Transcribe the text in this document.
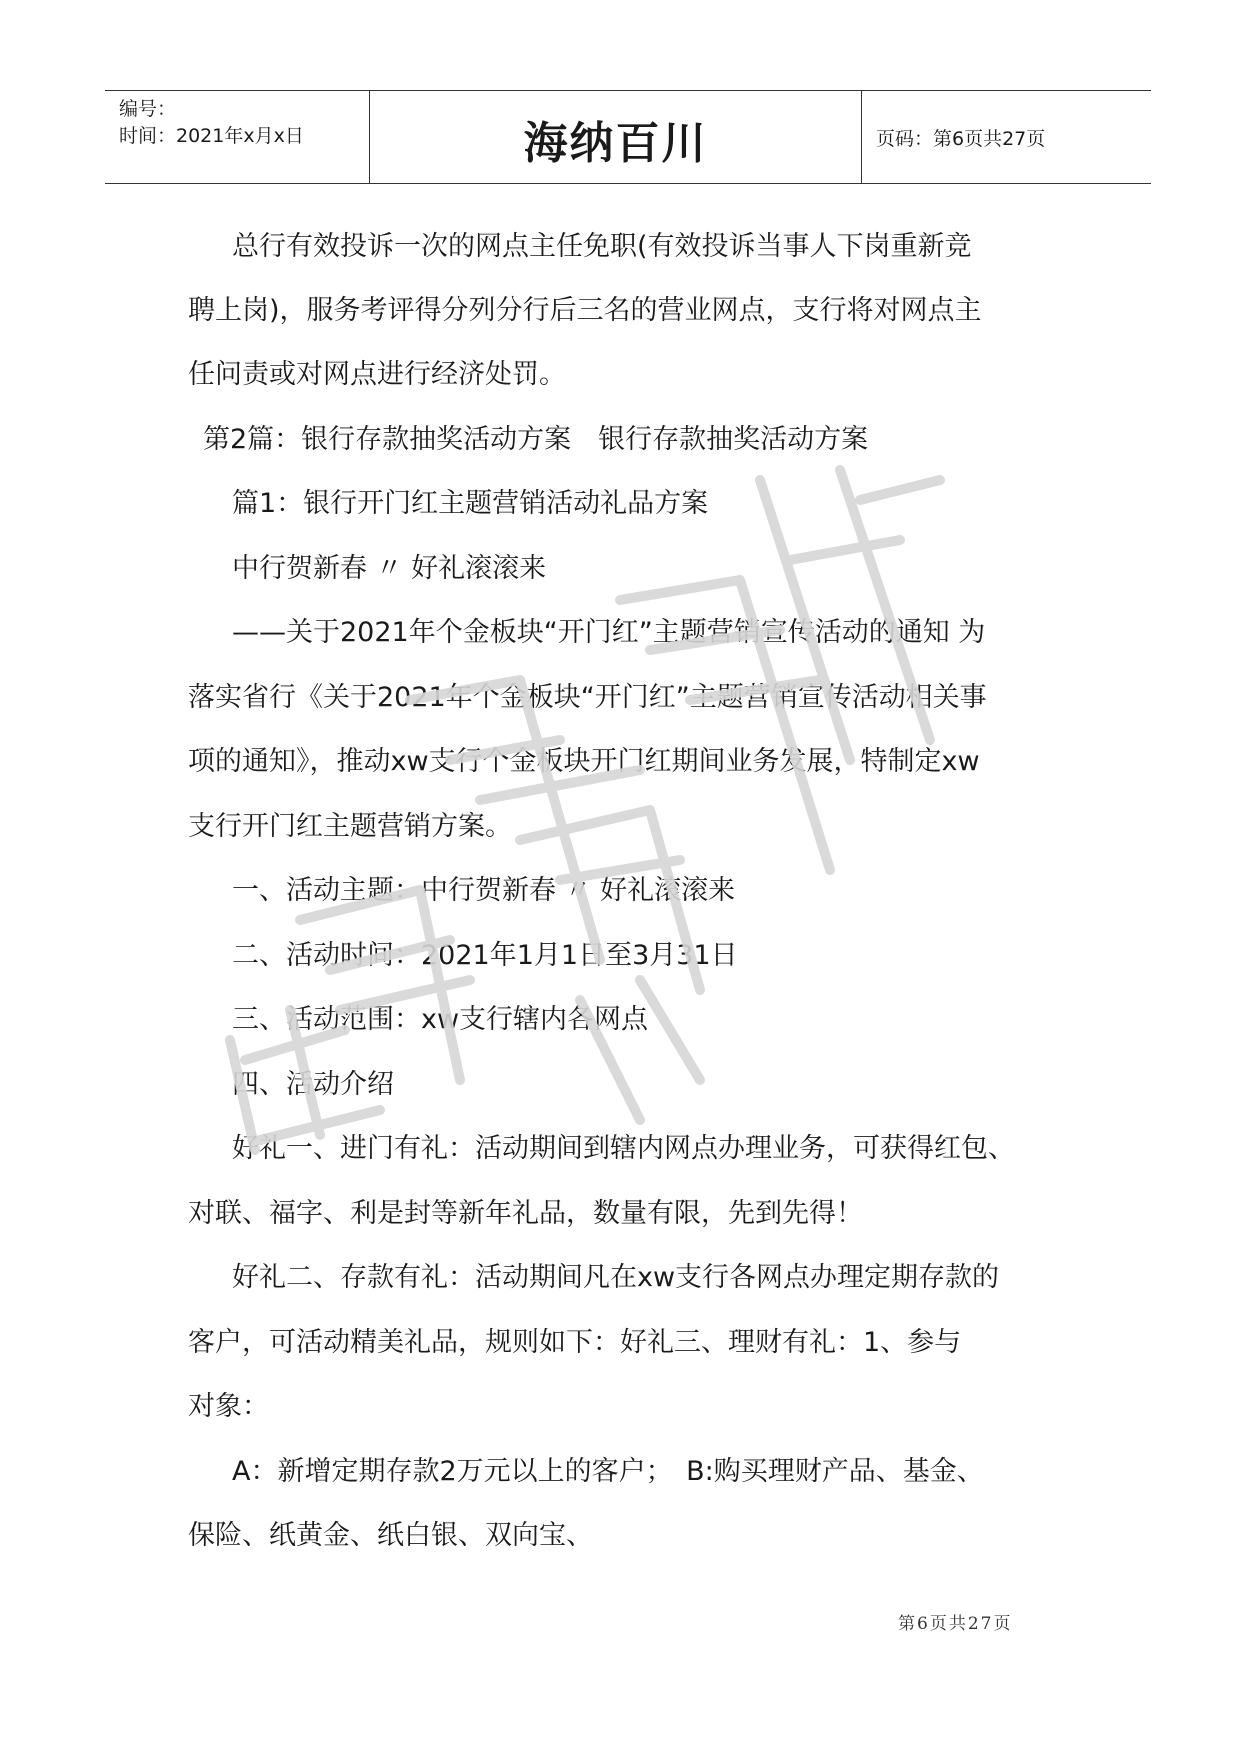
编号：
时间：2021年x月x日	海纳百川	页码：第6页共27页
总行有效投诉一次的网点主任免职(有效投诉当事人下岗重新竞
聘上岗)，服务考评得分列分行后三名的营业网点，支行将对网点主
任问责或对网点进行经济处罚。
第2篇：银行存款抽奖活动方案　银行存款抽奖活动方案
篇1：银行开门红主题营销活动礼品方案
中行贺新春 〃 好礼滚滚来
——关于2021年个金板块“开门红”主题营销宣传活动的通知 为
落实省行《关于2021年个金板块“开门红”主题营销宣传活动相关事
项的通知》，推动xw支行个金板块开门红期间业务发展，特制定xw
支行开门红主题营销方案。
一、活动主题：中行贺新春 〃 好礼滚滚来
二、活动时间：2021年1月1日至3月31日
三、活动范围：xw支行辖内各网点
四、活动介绍
好礼一、进门有礼：活动期间到辖内网点办理业务，可获得红包、
对联、福字、利是封等新年礼品，数量有限，先到先得！
好礼二、存款有礼：活动期间凡在xw支行各网点办理定期存款的
客户，可活动精美礼品，规则如下：好礼三、理财有礼：1、参与
对象：
A：新增定期存款2万元以上的客户；　B:购买理财产品、基金、
保险、纸黄金、纸白银、双向宝、
第6页共27页
